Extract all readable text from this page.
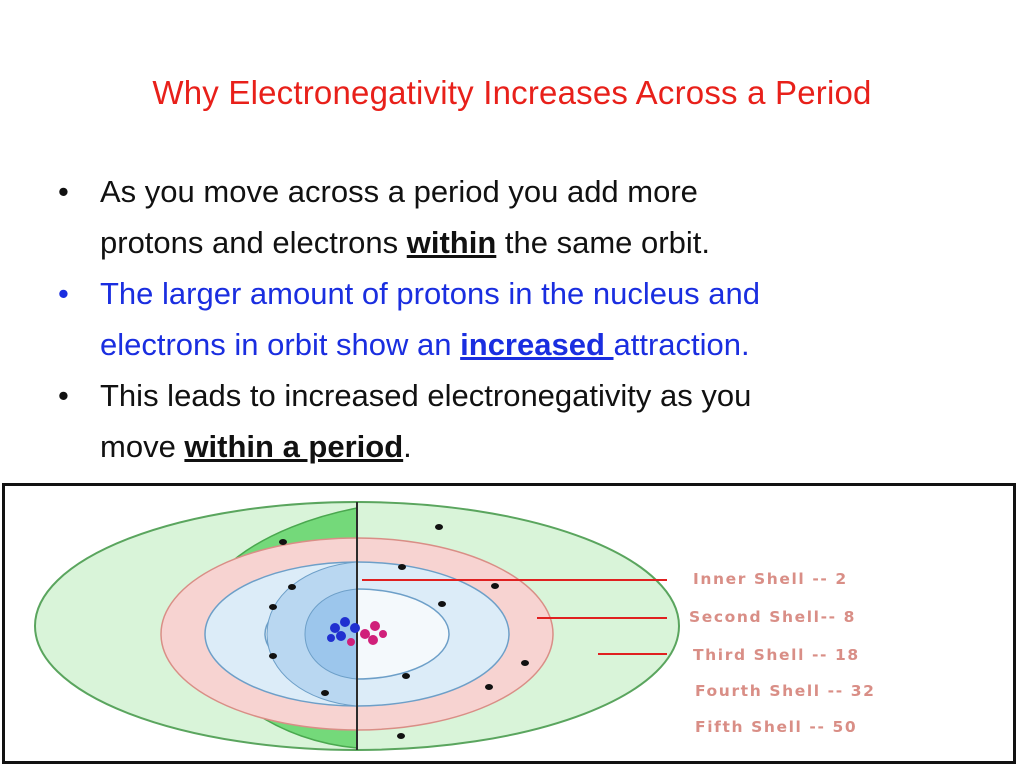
Why Electronegativity Increases Across a Period
• As you move across a period you add more
protons and electrons within the same orbit.
• The larger amount of protons in the nucleus and
electrons in orbit show an increased attraction.
• This leads to increased electronegativity as you
move within a period.
Inner Shell -- 2
Second Shell-- 8
Third Shell -- 18
Fourth Shell -- 32
Fifth Shell -- 50
